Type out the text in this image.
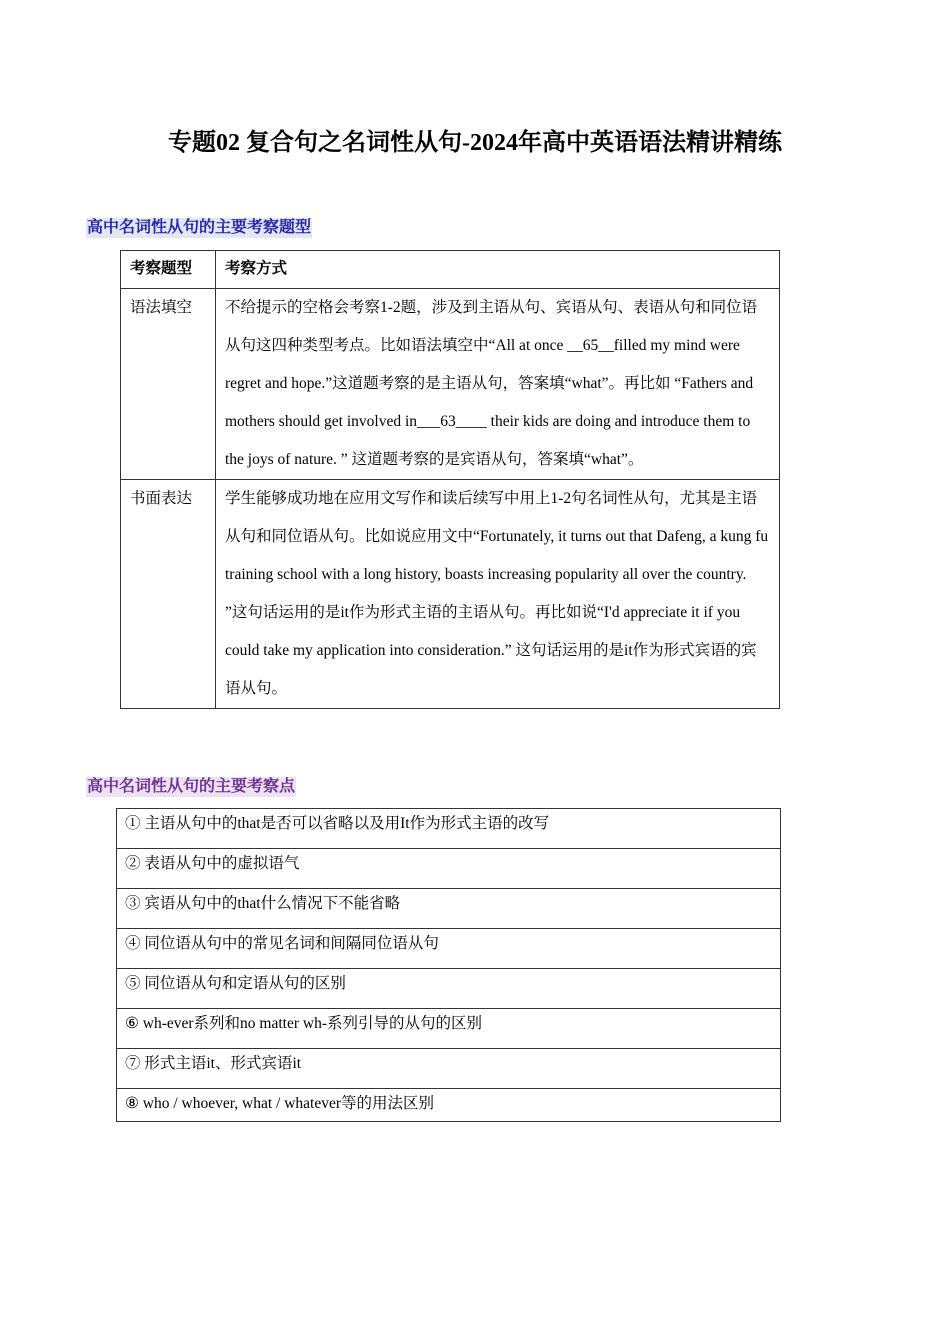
专题02 复合句之名词性从句-2024年高中英语语法精讲精练
高中名词性从句的主要考察题型
考察题型	考察方式
语法填空	不给提示的空格会考察1-2题，涉及到主语从句、宾语从句、表语从句和同位语从句这四种类型考点。比如语法填空中“All at once __65__filled my mind were regret and hope.”这道题考察的是主语从句，答案填“what”。再比如 “Fathers and mothers should get involved in___63____ their kids are doing and introduce them to the joys of nature. ” 这道题考察的是宾语从句，答案填“what”。
书面表达	学生能够成功地在应用文写作和读后续写中用上1-2句名词性从句，尤其是主语从句和同位语从句。比如说应用文中“Fortunately, it turns out that Dafeng, a kung fu training school with a long history, boasts increasing popularity all over the country. ”这句话运用的是it作为形式主语的主语从句。再比如说“I'd appreciate it if you could take my application into consideration.” 这句话运用的是it作为形式宾语的宾语从句。
高中名词性从句的主要考察点
① 主语从句中的that是否可以省略以及用It作为形式主语的改写
② 表语从句中的虚拟语气
③ 宾语从句中的that什么情况下不能省略
④ 同位语从句中的常见名词和间隔同位语从句
⑤ 同位语从句和定语从句的区别
⑥ wh-ever系列和no matter wh-系列引导的从句的区别
⑦ 形式主语it、形式宾语it
⑧ who / whoever, what / whatever等的用法区别
